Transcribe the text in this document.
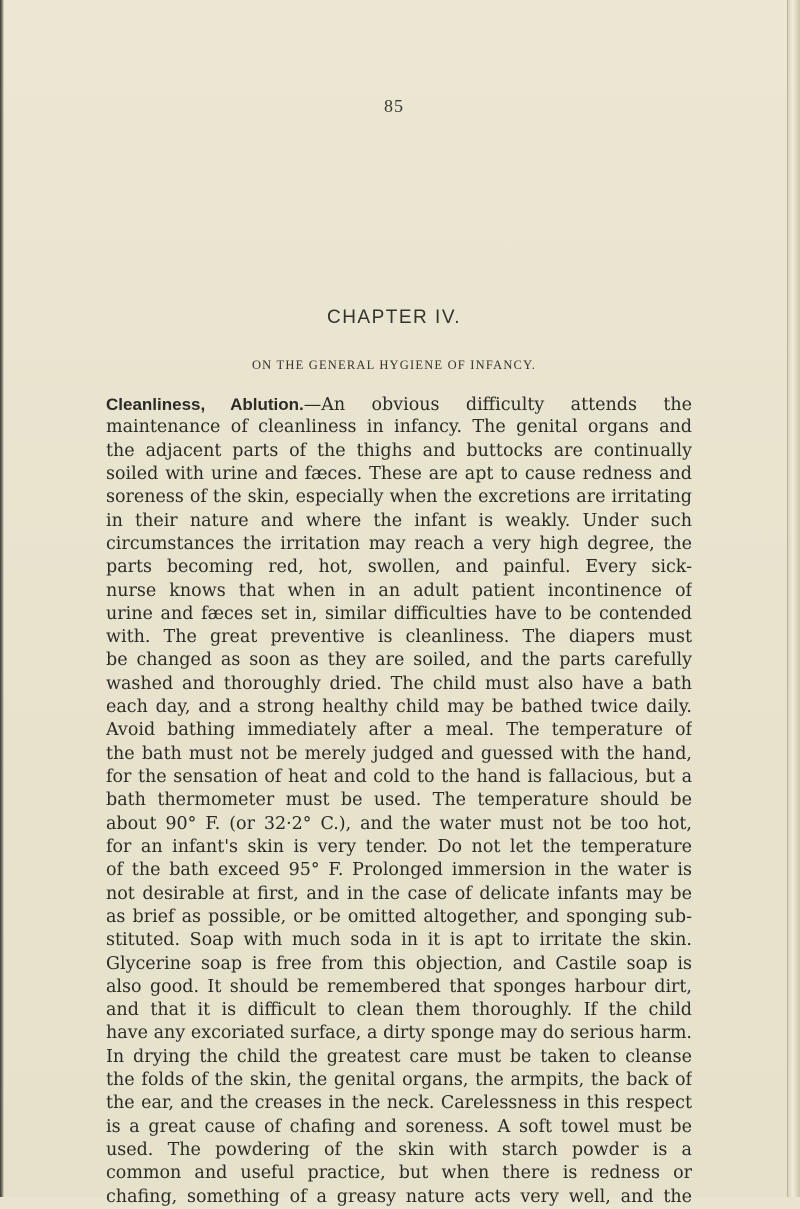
85
CHAPTER IV.
ON THE GENERAL HYGIENE OF INFANCY.
Cleanliness, Ablution.—An obvious difficulty attends the
maintenance of cleanliness in infancy. The genital organs and
the adjacent parts of the thighs and buttocks are continually
soiled with urine and fæces. These are apt to cause redness and
soreness of the skin, especially when the excretions are irritating
in their nature and where the infant is weakly. Under such
circumstances the irritation may reach a very high degree, the
parts becoming red, hot, swollen, and painful. Every sick-
nurse knows that when in an adult patient incontinence of
urine and fæces set in, similar difficulties have to be contended
with. The great preventive is cleanliness. The diapers must
be changed as soon as they are soiled, and the parts carefully
washed and thoroughly dried. The child must also have a bath
each day, and a strong healthy child may be bathed twice daily.
Avoid bathing immediately after a meal. The temperature of
the bath must not be merely judged and guessed with the hand,
for the sensation of heat and cold to the hand is fallacious, but a
bath thermometer must be used. The temperature should be
about 90° F. (or 32·2° C.), and the water must not be too hot,
for an infant's skin is very tender. Do not let the temperature
of the bath exceed 95° F. Prolonged immersion in the water is
not desirable at first, and in the case of delicate infants may be
as brief as possible, or be omitted altogether, and sponging sub-
stituted. Soap with much soda in it is apt to irritate the skin.
Glycerine soap is free from this objection, and Castile soap is
also good. It should be remembered that sponges harbour dirt,
and that it is difficult to clean them thoroughly. If the child
have any excoriated surface, a dirty sponge may do serious harm.
In drying the child the greatest care must be taken to cleanse
the folds of the skin, the genital organs, the armpits, the back of
the ear, and the creases in the neck. Carelessness in this respect
is a great cause of chafing and soreness. A soft towel must be
used. The powdering of the skin with starch powder is a
common and useful practice, but when there is redness or
chafing, something of a greasy nature acts very well, and the
